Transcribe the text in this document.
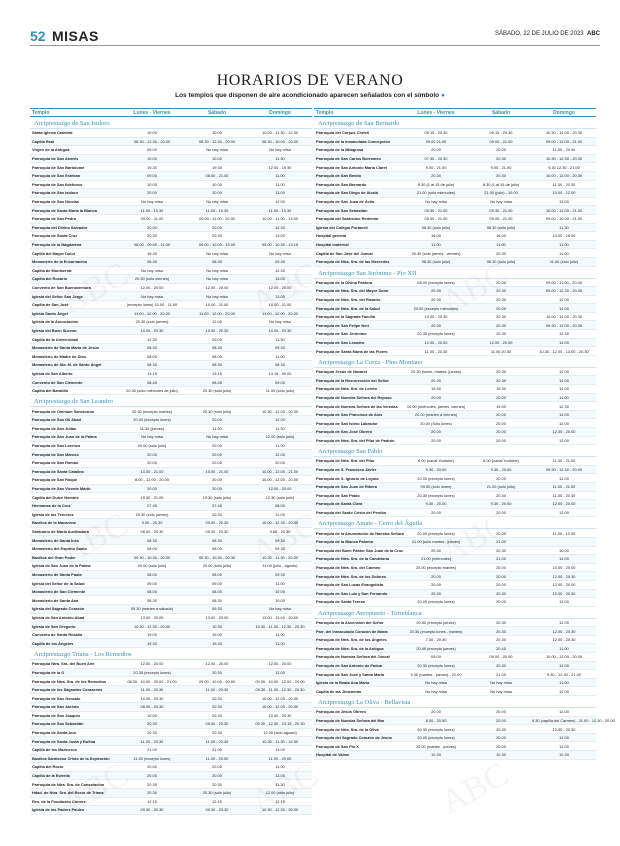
52 MISAS	SÁBADO, 22 DE JULIO DE 2023 ABC
HORARIOS DE VERANO
Los templos que disponen de aire acondicionado aparecen señalados con el símbolo ●
Templo	Lunes - Viernes	Sábado	Domingo
Arciprestazgo de San Isidoro
Santa Iglesia Catedral	10.00	10.00	10.00 - 11.30 - 12.30
Capilla Real	08.30 - 12.30 - 20.00	08.30 - 12.30 - 20.00	08.30 - 10.00 - 20.00
Virgen de la Antigua	09.00	No hay misa	No hay misa
Parroquia de San Andrés	10.00	10.00	11.30
Parroquia de San Bartolomé	19.30	19.30	12.00 - 19.30
Parroquia de San Esteban	09.00	08.00 - 21.00	11.00
Parroquia de San Ildefonso	10.00	10.00	11.00
Parroquia de San Isidoro	20.00	20.00	13.00
Parroquia de San Nicolás	No hay misa	No hay misa	12.00
Parroquia de Santa María la Blanca	11.00 - 19.30	11.00 - 19.30	11.00 - 19.30
Parroquia de San Pedro	09.00 - 11.00	09.00 - 11.00 - 20.30	10.00 - 11.00 - 13.00
Parroquia del Divino Salvador	20.00	20.00	12.30
Parroquia de Santa Cruz	20.30	20.30	13.00
Parroquia de la Magdalena	08.00 - 09.00 - 11.00	09.00 - 10.00 - 19.00	09.00 - 10.30 - 13.15
Capilla del Mayor Dolor	19.30	No hay misa	No hay misa
Monasterio de la Encarnación	08.30	08.30	09.30
Capilla de Montserrat	No hay misa	No hay misa	12.30
Capilla del Rosario	20.30 (sólo viernes)	No hay misa	13.00
Convento de San Buenaventura	12.00 - 20.00	12.00 - 20.00	12.00 - 20.00
Iglesia del Señor San Jorge	No hay misa	No hay misa	13.00
Capilla de San José	(excepto lunes) 10.00 - 11.00	10.00 - 11.00	10.00 - 11.00
Iglesia Santo Ángel	11.00 - 12.00 - 20.00	11.00 - 12.00 - 20.00	11.00 - 12.00 - 20.00
Iglesia de la Anunciación	20.30 (sólo jueves)	12.00	No hay misa
Iglesia del Buen Suceso	10.00 - 20.30	10.00 - 20.30	10.00 - 20.30
Capilla de la Universidad	12.30	20.00	11.30
Monasterio de Santa María de Jesús	08.30	08.30	09.30
Monasterio de Madre de Dios	08.00	08.00	11.00
Monasterio de Sta. M. de Santo Ángel	08.30	08.30	08.30
Iglesia de San Alberto	13.15	13.15	13.15 - 20.00
Convento de San Clemente	08.45	08.45	09.00
Capilla del Baratillo	20.30 (sólo miércoles de julio)	20.30 (sólo julio)	11.00 (sólo julio)
Arciprestazgo de San Leandro
Parroquia de Omnium Sanctorum	20.30 (excepto martes)	20.30 (sólo julio)	10.30 - 12.00 - 20.30
Parroquia de San Gil Abad	20.00 (excepto lunes)	20.00	12.00
Parroquia de San Julián	11.30 (jueves)	11.30	11.30
Parroquia de San Juan de la Palma	No hay misa	No hay misa	12.00 (sólo julio)
Parroquia de San Lorenzo	20.00 (sólo julio)	20.00	11.00
Parroquia de San Marcos	20.00	20.00	12.00
Parroquia de San Román	20.00	20.00	20.00
Parroquia de Santa Catalina	10.00 - 21.00	10.00 - 21.00	10.00 - 12.00 - 21.00
Parroquia de San Roque	8.00 - 12.00 - 20.00	20.00	10.00 - 12.00 - 20.00
Parroquia de San Vicente Mártir	20.00	20.00	12.00 - 20.00
Capilla del Dulce Nombre	19.30 - 21.00	19.30 (sólo julio)	12.30 (sólo julio)
Hermanas de la Cruz	07.45	07.45	08.00
Iglesia de los Terceros	20.30 (sólo jueves)	20.30	12.00
Basílica de la Macarena	9.00 - 20.30	09.00 - 20.30	10.00 - 12.30 - 20.30
Santuario de María Auxiliadora	08.00 - 20.30	09.00 - 20.30	9.00 - 20.30
Monasterio de Santa Inés	08.30	08.30	09.30
Monasterio del Espíritu Santo	08.00	08.00	09.30
Basílica del Gran Poder	09.30 - 10.30 - 20.30	09.30 - 10.30 - 20.30	10.30 - 11.30 - 20.30
Iglesia de San Juan de la Palma	20.00 (sólo julio)	20.00 (sólo julio)	11.00 (julio - agosto)
Monasterio de Santa Paula	08.00	08.00	09.30
Iglesia del Señor de la Salud	09.00	09.00	11.00
Monasterio de San Clemente	08.00	08.00	10.00
Monasterio de Santa Ana	08.30	08.30	10.00
Iglesia del Sagrado Corazón	09.30 (martes a sábado)	09.30	No hay misa
Iglesia de San Antonio Abad	13.00 - 20.00	13.00 - 20.00	12.00 - 13.00 - 20.00
Iglesia de San Gregorio	10.30 - 12.30 - 20.30	10.30	10.30 - 11.30 - 12.30 - 20.30
Convento de Santa Rosalía	19.00	19.00	11.00
Capilla de los Ángeles	19.30	19.30	11.00
Arciprestazgo Triana - Los Remedios
Parroquia Ntra. Sra. del Buen Aire	12.00 - 20.00	12.00 - 20.00	12.00 - 20.00
Parroquia de la O	20.30 (excepto lunes)	20.30	12.00
Parroquia de Ntra. Sra. de los Remedios	08.00 - 10.00 - 20.00 - 21.00	09.00 - 10.00 - 20.00	09.00 - 10.00 - 12.00 - 20.00
Parroquia de los Sagrados Corazones	11.00 - 20.30	11.00 - 20.30	09.30 - 11.30 - 12.30 - 20.30
Parroquia de San Gonzalo	10.00 - 20.30	20.30	10.00 - 12.00 - 20.30
Parroquia de San Jacinto	08.00 - 20.30	20.30	10.00 - 12.00 - 20.30
Parroquia de San Joaquín	10.00	20.30	10.00 - 20.30
Parroquia de San Sebastián	20.30	09.00 - 20.30	09.30 - 12.30 - 13.15 - 20.30
Parroquia de Santa Ana	20.30	20.30	12.00 (sólo agosto)
Parroquia de Santa Justa y Rufina	11.30 - 20.30	11.30 - 20.30	10.30 - 11.30 - 12.30
Capilla de los Marineros	21.00	21.00	13.00
Basílica Santísimo Cristo de la Expiración	11.30 (excepto lunes)	11.30 - 20.00	11.00 - 20.00
Capilla del Rocío	20.00	20.00	11.00
Capilla de la Estrella	20.00	20.00	13.00
Parroquia de Ntra. Sra. de Consolación	20.30	20.30	11.30
Hdad. de Ntra. Sra. del Rocío de Triana	20.30	20.30 (sólo julio)	12.00 (sólo julio)
Res. de la Fundación Carrere	12.15	12.15	12.15
Iglesia de los Padres Paúles	09.30 - 20.30	09.30 - 20.30	10.30 - 12.30 - 20.30
Templo	Lunes - Viernes	Sábado	Domingo
Arciprestazgo de San Bernardo
Parroquia del Corpus Christi	09.15 - 20.30	09.15 - 20.30	10.30 - 12.00 - 20.30
Parroquia de la Inmaculada Concepción	09.00 21.00	09.00 - 21.00	09.00 - 12.00 - 21.00
Parroquia de la Milagrosa	20.00	20.00	11.00 - 20.00
Parroquia de San Carlos Borromeo	07.30 - 20.30	20.30	10.30 - 12.30 - 20.30
Parroquia de San Antonio María Claret	9.00 - 21.00	9.00 - 21.00	9.30 12.30 - 21.00
Parroquia de San Benito	20.30	20.30	10.00 - 12.00 - 20.30
Parroquia de San Bernardo	8.30 (1 al 15 de julio)	8.30 (1 al 15 de julio)	11.30 - 20.30
Parroquia de San Diego de Alcalá	21.00 (sólo miércoles)	21.00 (julio) - 10.00	10.00 - 12.00
Parroquia de San Juan de Ávila	No hay misa	No hay misa	12.00
Parroquia de San Sebastián	09.30 - 21.00	09.30 - 21.00	10.00 - 12.00 - 21.00
Parroquia del Santísimo Redentor	09.00 - 21.00	09.00 - 21.00	09.00 - 10.00 - 21.00
Iglesia del Colegio Portaceli	08.30 (sólo julio)	08.30 (sólo julio)	11.30
Hospital general	18.00	18.00	10.00 - 18.00
Hospital maternal	11.00	11.00	11.00
Capilla de San José del Juncal	20.30 (sólo jueves - viernes)	20.30	11.00
Parroquia de Ntra. Sra. de las Mercedes	08.30 (sólo julio)	08.30 (sólo julio)	11.00 (sólo julio)
Arciprestazgo San Jerónimo - Pío XII
Parroquia de la Divina Pastora	08.00 (excepto lunes)	20.00	09.00 - 11.00 - 20.00
Parroquia de Ntra. Sra. del Mayor Dolor	20.30	20.30	09.00 - 12.30 - 20.30
Parroquia de Ntra. Sra. del Rosario	20.30	20.30	12.00
Parroquia de Ntra. Sra. de la Salud	20.00 (excepto miércoles)	20.00	12.00
Parroquia de la Sagrada Familia	10.00 - 20.30	20.30	10.00 - 12.00 - 20.30
Parroquia de San Felipe Neri	20.30	20.30	09.30 - 12.00 - 20.30
Parroquia de San Jerónimo	20.30 (excepto lunes)	20.30	12.30
Parroquia de San Leandro	12.00 - 20.00	12.00 - 20.00	12.00
Parroquia de Santa María de las Flores	11.00 - 20.30	11.00 20.30	10.30 - 12.00 - 13.00 - 20.30
Arciprestazgo La Corza - Pino Montano
Parroquia Jesús de Nazaret	20.30 (lunes, martes, jueves)	20.30	12.00
Parroquia de la Resurrección del Señor	20.30	20.30	12.00
Parroquia de Ntra. Sra. de Loreto	19.30	19.30	12.00
Parroquia de Nuestra Señora del Reposo	20.00	20.00	11.00
Parroquia de Nuestra Señora de las Veredas	19.00 (miércoles, jueves, viernes)	19.00	12.30
Parroquia de San Francisco de Asís	20.00 (martes a viernes)	20.00	12.00
Parroquia de San Isidro Labrador	20.00 (Sólo lunes)	20.00	12.00
Parroquia de San José Obrero	20.00	20.00	12.30 - 20.00
Parroquia de Ntra. Sra. del Pilar de Padrón	20.00	20.00	13.00
Arciprestazgo San Pablo
Parroquia de Ntra. Sra. del Pilar	8.00 (canal Youtube)	8.00 (canal Youtube)	11.30 - 21.00
Parroquia de S. Francisco Javier	9.30 - 20.00	9.30 - 20.00	09.30 - 12.30 - 20.00
Parroquia de S. Ignacio de Loyola	20.00 (excepto lunes)	20.00	12.00
Parroquia de San Juan de Ribera	09.00 (sólo lunes)	21.00 (sólo julio)	11.00 - 21.00
Parroquia de San Pablo	20.30 (excepto lunes)	20.30	11.00 - 20.30
Parroquia de Santa Clara	9.30 - 20.00	9.30 - 20.00	12.00 - 20.00
Parroquia del Santo Cristo del Perdón	20.00	20.00	12.00
Arciprestazgo Amate - Cerro del Águila
Parroquia de la Anunciación de Nuestra Señora	20.00 (excepto lunes)	20.00	11.00 - 12.00
Parroquia de la Blanca Paloma	21.00 (sólo martes - jueves)	21.00
Parroquia del Buen Pastor San Juan de la Cruz	20.30	20.30	10.00
Parroquia de Ntra. Sra. de la Candelaria	21.00 (miércoles)	21.00	12.00
Parroquia de Ntra. Sra. del Carmen	20.00 (excepto martes)	20.00	10.00 - 20.00
Parroquia de Ntra. Sra. de los Dolores	20.00	20.00	12.00 - 20.30
Parroquia de San Lucas Evangelista	20.00	20.00	12.00 - 20.00
Parroquia de San Luis y San Fernando	20.30	20.30	12.00 - 20.30
Parroquia de Santa Teresa	20.00 (excepto lunes)	20.00	12.00
Arciprestazgo Aeropuerto - Torreblanca
Parroquia de la Ascensión del Señor	20.30 (excepto jueves)	20.30	12.00
Parr. del Inmaculado Corazón de María	20.30 (excepto lunes - martes)	20.30	12.00 - 20.30
Parroquia de Ntra. Sra. de los Ángeles	7.30 - 20.30	20.30	12.00 - 20.30
Parroquia de Ntra. Sra. de la Antigua	20.45 (excepto jueves)	20.45	11.00
Parroquia de Nuestra Señora del Juncal	09.00	09.00 - 20.00	10.00 - 12.00 - 20.00
Parroquia de San Antonio de Padua	20.30 (excepto lunes)	20.30	12.00
Parroquia de San José y Santa María	9.30 (martes - jueves) - 21.00	21.00	9.30 - 12.30 - 21.00
Iglesia de la Beata Ana María	No hay misa	No hay misa	11.00
Capilla de las Jimeneras	No hay misa	No hay misa	12.00
Arciprestazgo La Oliva - Bellavista
Parroquia de Jesús Obrero	20.00	20.00	12.00
Parroquia de Nuestra Señora del Mar	8.00 - 20.00	20.00	9.30 (capilla del Carmen) - 11.00 - 12.30 - 20.00
Parroquia de Ntra. Sra. de la Oliva	20.30 (excepto lunes)	20.30	12.00 - 20.30
Parroquia del Sagrado Corazón de Jesús	20.00 (excepto lunes)	20.00	12.00
Parroquia de San Pío X	20.00 (martes - jueves)	20.00	12.00
Hospital de Valme	10.30	10.30	10.30
